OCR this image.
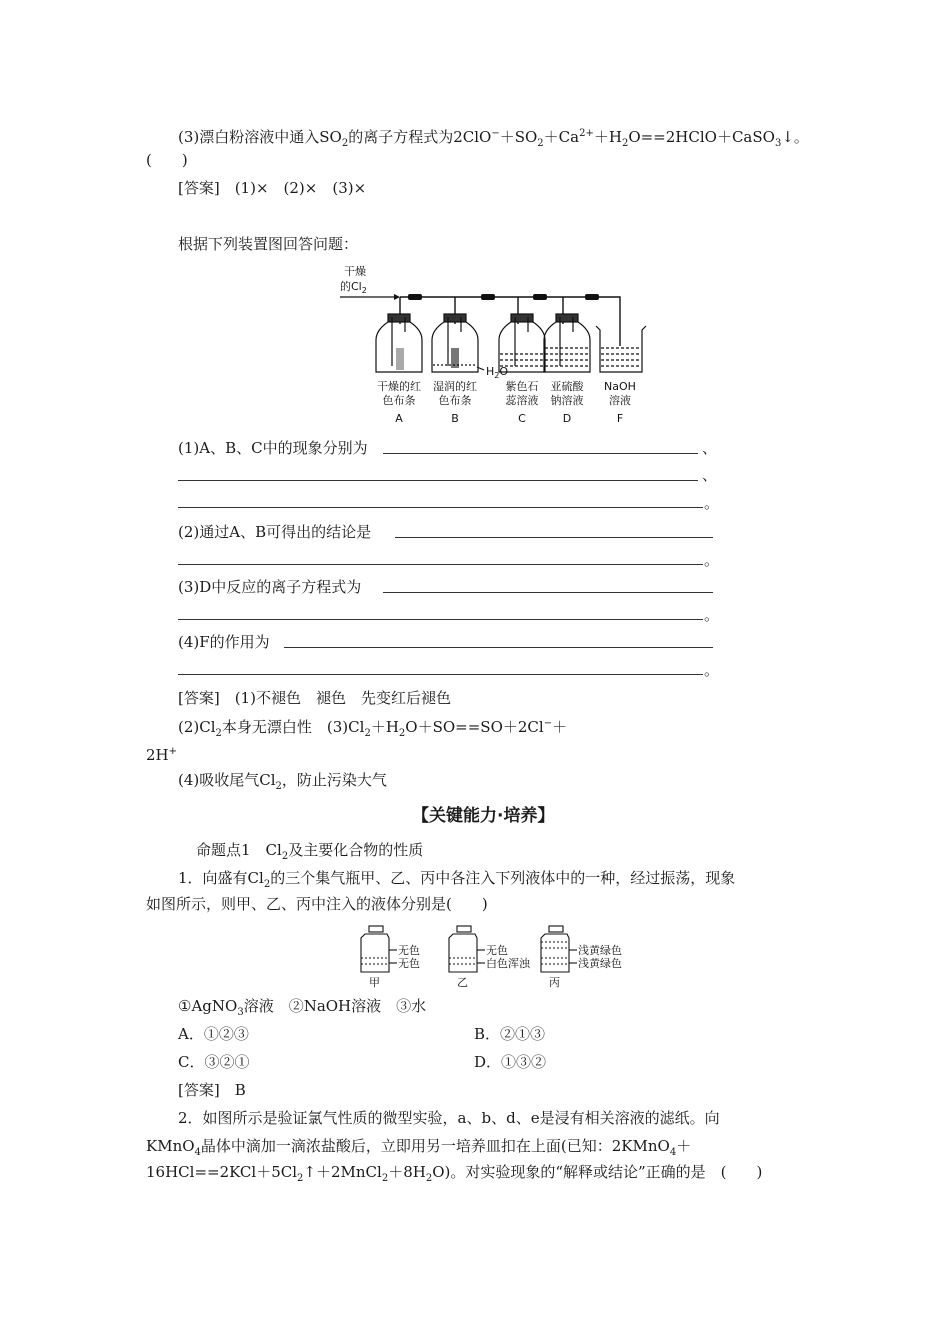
(3)漂白粉溶液中通入$SO_2$的离子方程式为$2ClO^-+SO_2+Ca^{2+}+H_2O==2HClO+CaSO_3↓$。
(　　)
[答案]　(1)×　(2)×　(3)×
根据下列装置图回答问题：
干燥
的$Cl_2$
$H_2O$
干燥的红
色布条
A
湿润的红
色布条
B
紫色石
蕊溶液
C
亚硫酸
钠溶液
D
NaOH
溶液
F
(1)A、B、C中的现象分别为	、
、
。
(2)通过A、B可得出的结论是
。
(3)D中反应的离子方程式为
。
(4)F的作用为
。
[答案]　(1)不褪色　褪色　先变红后褪色
$(2)Cl_2$本身无漂白性　$(3)Cl_2+H_2O+SO==SO+2Cl^-+$
2H+
(4)吸收尾气$Cl_2$，防止污染大气
【关键能力·培养】
命题点1　$Cl_2$及主要化合物的性质
1．向盛有$Cl_2$的三个集气瓶甲、乙、丙中各注入下列液体中的一种，经过振荡，现象
如图所示，则甲、乙、丙中注入的液体分别是(　　)
无色
无色
甲
无色
白色浑浊
乙
浅黄绿色
浅黄绿色
丙
①AgNO$_3$溶液　②NaOH溶液　③水
A．①②③	B．②①③
C．③②①	D．①③②
[答案]　B
2．如图所示是验证氯气性质的微型实验，a、b、d、e是浸有相关溶液的滤纸。向
KMnO$_4$晶体中滴加一滴浓盐酸后，立即用另一培养皿扣在上面(已知：2KMnO$_4$＋
$16HCl==2KCl+5Cl_2↑+2MnCl_2+8H_2O$)。对实验现象的“解释或结论”正确的是　(　　)
